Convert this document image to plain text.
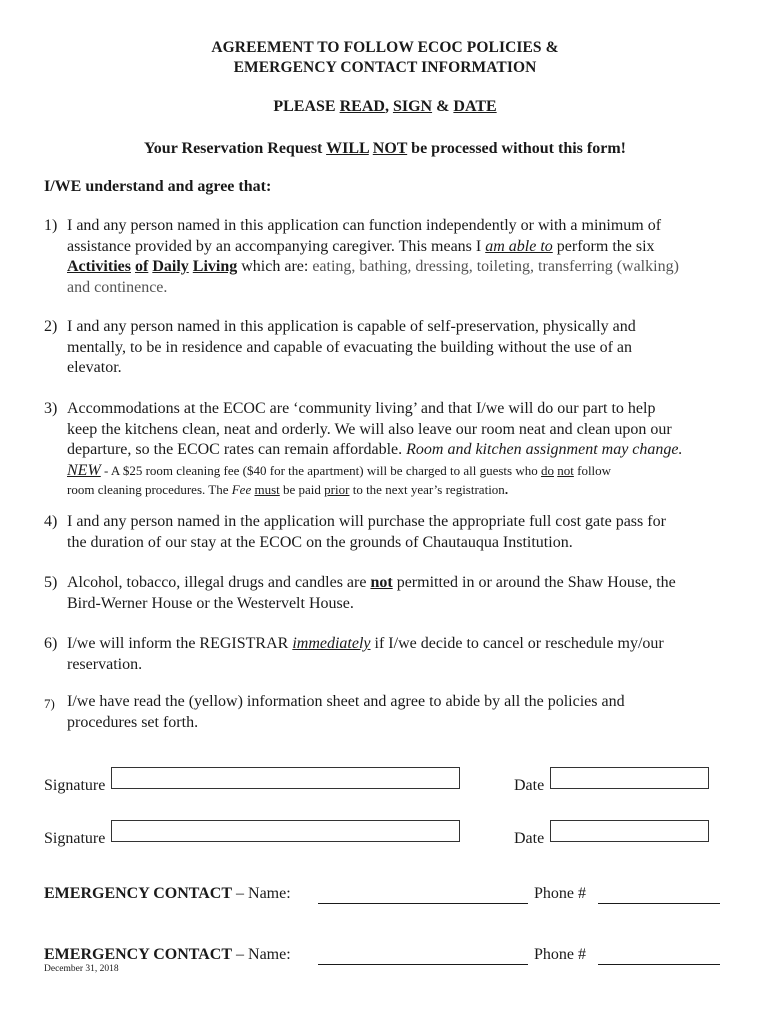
AGREEMENT TO FOLLOW ECOC POLICIES &
EMERGENCY CONTACT INFORMATION
PLEASE READ, SIGN & DATE
Your Reservation Request WILL NOT be processed without this form!
I/WE understand and agree that:
1) I and any person named in this application can function independently or with a minimum of
assistance provided by an accompanying caregiver. This means I am able to perform the six
Activities of Daily Living which are: eating, bathing, dressing, toileting, transferring (walking)
and continence.
2) I and any person named in this application is capable of self-preservation, physically and
mentally, to be in residence and capable of evacuating the building without the use of an
elevator.
3) Accommodations at the ECOC are ‘community living’ and that I/we will do our part to help
keep the kitchens clean, neat and orderly. We will also leave our room neat and clean upon our
departure, so the ECOC rates can remain affordable. Room and kitchen assignment may change.
NEW - A $25 room cleaning fee ($40 for the apartment) will be charged to all guests who do not follow
room cleaning procedures. The Fee must be paid prior to the next year’s registration.
4) I and any person named in the application will purchase the appropriate full cost gate pass for
the duration of our stay at the ECOC on the grounds of Chautauqua Institution.
5) Alcohol, tobacco, illegal drugs and candles are not permitted in or around the Shaw House, the
Bird-Werner House or the Westervelt House.
6) I/we will inform the REGISTRAR immediately if I/we decide to cancel or reschedule my/our
reservation.
7) I/we have read the (yellow) information sheet and agree to abide by all the policies and
procedures set forth.
Signature	Date
Signature	Date
EMERGENCY CONTACT – Name:	Phone #
EMERGENCY CONTACT – Name:	Phone #
December 31, 2018
